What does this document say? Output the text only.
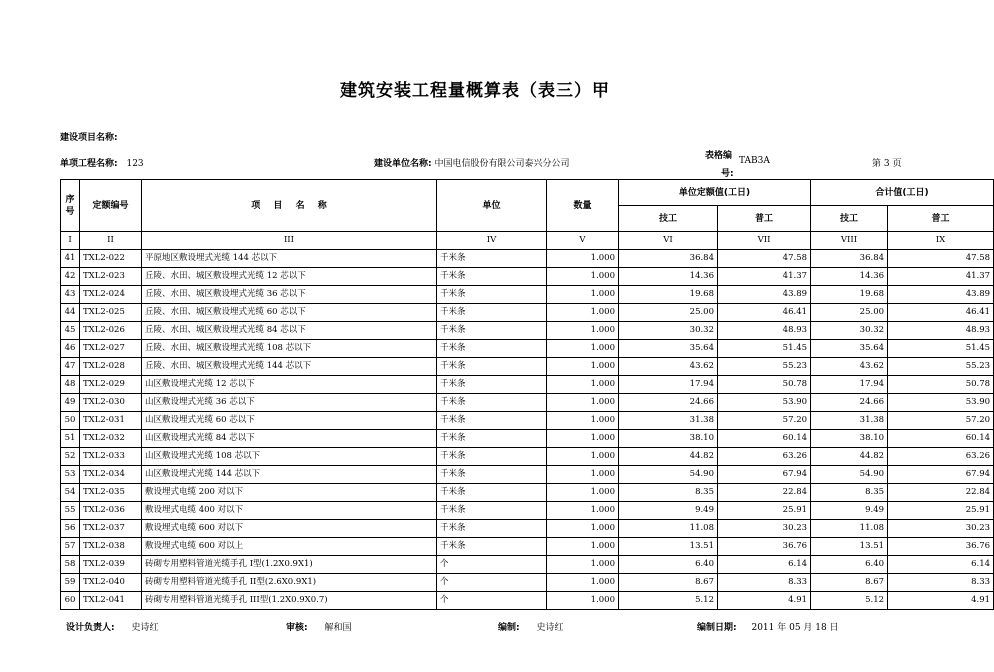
建筑安装工程量概算表（表三）甲
建设项目名称:
单项工程名称: 123	建设单位名称: 中国电信股份有限公司泰兴分公司
表格编
号:
TAB3A	第 3 页
序号	定额编号	项 目 名 称	单位	数量	单位定额值(工日)		合计值(工日)	
					技工	普工	技工	普工
I	II	III	IV	V	VI	VII	VIII	IX
41	TXL2-022	平原地区敷设埋式光缆 144 芯以下	千米条	1.000	36.84	47.58	36.84	47.58
42	TXL2-023	丘陵、水田、城区敷设埋式光缆 12 芯以下	千米条	1.000	14.36	41.37	14.36	41.37
43	TXL2-024	丘陵、水田、城区敷设埋式光缆 36 芯以下	千米条	1.000	19.68	43.89	19.68	43.89
44	TXL2-025	丘陵、水田、城区敷设埋式光缆 60 芯以下	千米条	1.000	25.00	46.41	25.00	46.41
45	TXL2-026	丘陵、水田、城区敷设埋式光缆 84 芯以下	千米条	1.000	30.32	48.93	30.32	48.93
46	TXL2-027	丘陵、水田、城区敷设埋式光缆 108 芯以下	千米条	1.000	35.64	51.45	35.64	51.45
47	TXL2-028	丘陵、水田、城区敷设埋式光缆 144 芯以下	千米条	1.000	43.62	55.23	43.62	55.23
48	TXL2-029	山区敷设埋式光缆 12 芯以下	千米条	1.000	17.94	50.78	17.94	50.78
49	TXL2-030	山区敷设埋式光缆 36 芯以下	千米条	1.000	24.66	53.90	24.66	53.90
50	TXL2-031	山区敷设埋式光缆 60 芯以下	千米条	1.000	31.38	57.20	31.38	57.20
51	TXL2-032	山区敷设埋式光缆 84 芯以下	千米条	1.000	38.10	60.14	38.10	60.14
52	TXL2-033	山区敷设埋式光缆 108 芯以下	千米条	1.000	44.82	63.26	44.82	63.26
53	TXL2-034	山区敷设埋式光缆 144 芯以下	千米条	1.000	54.90	67.94	54.90	67.94
54	TXL2-035	敷设埋式电缆 200 对以下	千米条	1.000	8.35	22.84	8.35	22.84
55	TXL2-036	敷设埋式电缆 400 对以下	千米条	1.000	9.49	25.91	9.49	25.91
56	TXL2-037	敷设埋式电缆 600 对以下	千米条	1.000	11.08	30.23	11.08	30.23
57	TXL2-038	敷设埋式电缆 600 对以上	千米条	1.000	13.51	36.76	13.51	36.76
58	TXL2-039	砖砌专用塑料管道光缆手孔 I型(1.2X0.9X1)	个	1.000	6.40	6.14	6.40	6.14
59	TXL2-040	砖砌专用塑料管道光缆手孔 II型(2.6X0.9X1)	个	1.000	8.67	8.33	8.67	8.33
60	TXL2-041	砖砌专用塑料管道光缆手孔 III型(1.2X0.9X0.7)	个	1.000	5.12	4.91	5.12	4.91
设计负责人: 史诗红	审核: 解和国	编制: 史诗红	编制日期: 2011 年 05 月 18 日
